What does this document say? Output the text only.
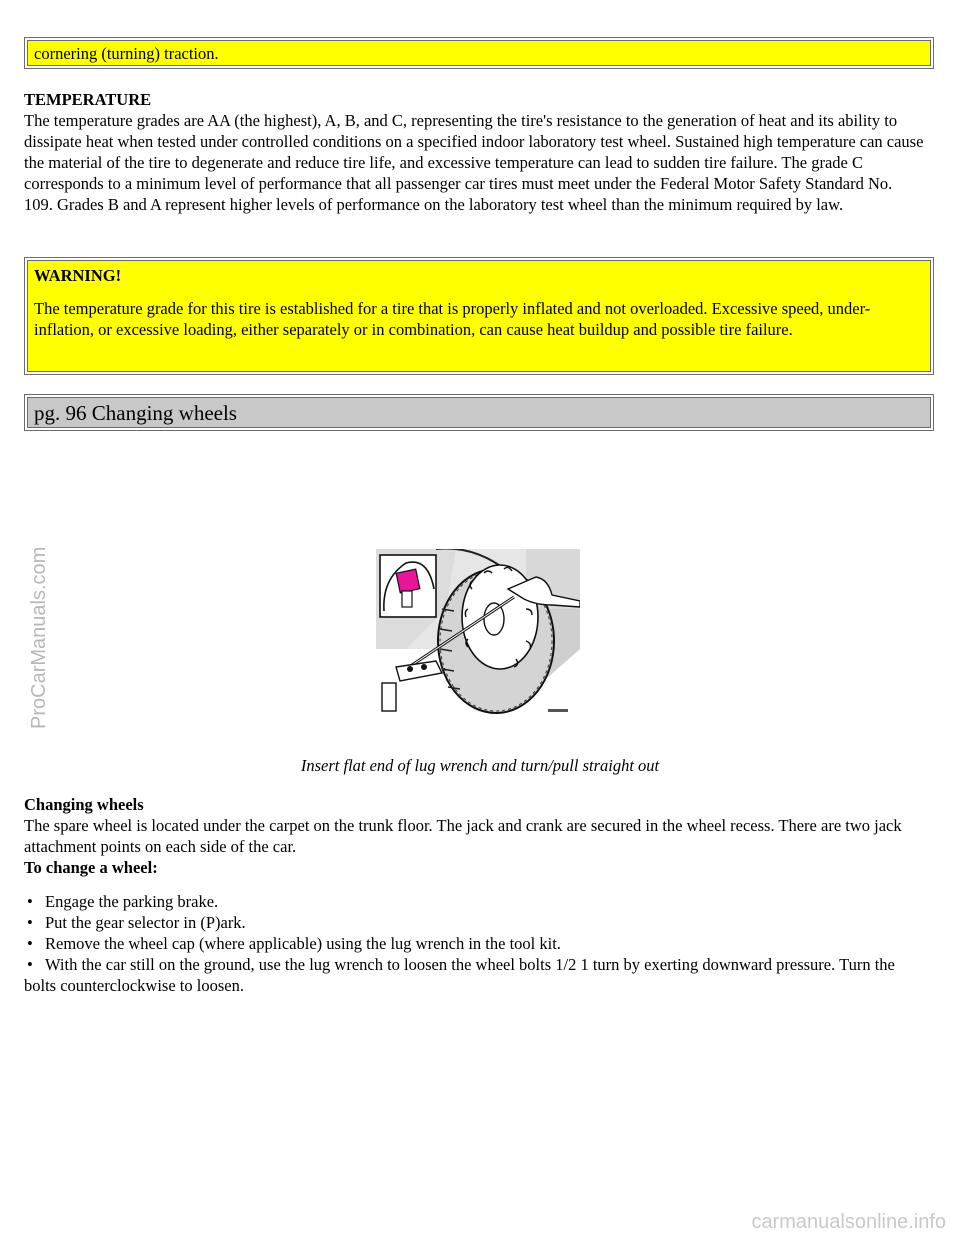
cornering (turning) traction.
TEMPERATURE
The temperature grades are AA (the highest), A, B, and C, representing the tire's resistance to the generation of heat and its ability to dissipate heat when tested under controlled conditions on a specified indoor laboratory test wheel. Sustained high temperature can cause the material of the tire to degenerate and reduce tire life, and excessive temperature can lead to sudden tire failure. The grade C corresponds to a minimum level of performance that all passenger car tires must meet under the Federal Motor Safety Standard No. 109. Grades B and A represent higher levels of performance on the laboratory test wheel than the minimum required by law.
WARNING!

The temperature grade for this tire is established for a tire that is properly inflated and not overloaded. Excessive speed, under-inflation, or excessive loading, either separately or in combination, can cause heat buildup and possible tire failure.

pg. 96 Changing wheels
Insert flat end of lug wrench and turn/pull straight out
Changing wheels
The spare wheel is located under the carpet on the trunk floor. The jack and crank are secured in the wheel recess. There are two jack attachment points on each side of the car.
To change a wheel:
• Engage the parking brake.
• Put the gear selector in (P)ark.
• Remove the wheel cap (where applicable) using the lug wrench in the tool kit.
• With the car still on the ground, use the lug wrench to loosen the wheel bolts 1/2 1 turn by exerting downward pressure. Turn the bolts counterclockwise to loosen.
ProCarManuals.com
carmanualsonline.info
